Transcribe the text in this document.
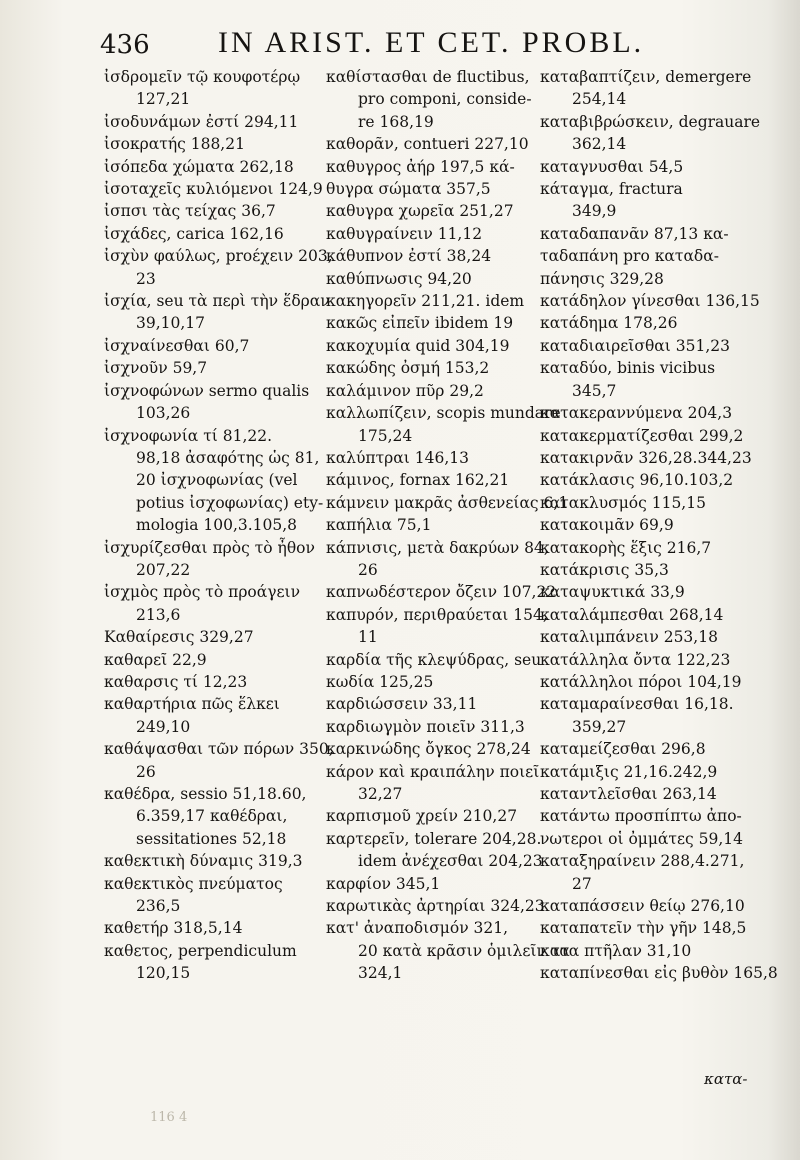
436 IN ARIST. ET CET. PROBL.
ἰσδρομεῖν τῷ κουφοτέρῳ
127,21
ἰσοδυνάμων ἐστί 294,11
ἰσοκρατής 188,21
ἰσόπεδα χώματα 262,18
ἰσοταχεῖς κυλιόμενοι 124,9
ἰσπσι τὰς τείχας 36,7
ἰσχάδες, carica 162,16
ἰσχὺν φαύλως, proέχειν 203,
23
ἰσχία, seu τὰ περὶ τὴν ἕδραν
39,10,17
ἰσχναίνεσθαι 60,7
ἰσχνοῦν 59,7
ἰσχνοφώνων sermo qualis
103,26
ἰσχνοφωνία τί 81,22.
98,18 ἀσαφότης ὡς 81,
20 ἰσχνοφωνίας (vel
potius ἰσχοφωνίας) ety-
mologia 100,3.105,8
ἰσχυρίζεσθαι πρὸς τὸ ἦθον
207,22
ἰσχμὸς πρὸς τὸ προάγειν
213,6
Καθαίρεσις 329,27
καθαρεῖ 22,9
καθαρσις τί 12,23
καθαρτήρια πῶς ἕλκει
249,10
καθάψασθαι τῶν πόρων 350,
26
καθέδρα, sessio 51,18.60,
6.359,17 καθέδραι,
sessitationes 52,18
καθεκτικὴ δύναμις 319,3
καθεκτικὸς πνεύματος
236,5
καθετήρ 318,5,14
καθετος, perpendiculum
120,15
καθίστασθαι de fluctibus,
pro componi, conside-
re 168,19
καθορᾶν, contueri 227,10
καθυγρος ἀήρ 197,5 κά-
θυγρα σώματα 357,5
καθυγρα χωρεῖα 251,27
καθυγραίνειν 11,12
κάθυπνον ἐστί 38,24
καθύπνωσις 94,20
κακηγορεῖν 211,21. idem
κακῶς εἰπεῖν ibidem 19
κακοχυμία quid 304,19
κακώδης ὀσμή 153,2
καλάμινον πῦρ 29,2
καλλωπίζειν, scopis mundare
175,24
καλύπτραι 146,13
κάμινος, fornax 162,21
κάμνειν μακρᾶς ἀσθενείας 6,1
καπήλια 75,1
κάπνισις, μετὰ δακρύων 84,
26
καπνωδέστερον ὄζειν 107,22
καπυρόν, περιθραύεται 154,
11
καρδία τῆς κλεψύδρας, seu
κωδία 125,25
καρδιώσσειν 33,11
καρδιωγμὸν ποιεῖν 311,3
καρκινώδης ὄγκος 278,24
κάρον καὶ κραιπάλην ποιεῖ
32,27
καρπισμοῦ χρείν 210,27
καρτερεῖν, tolerare 204,28.
idem ἀνέχεσθαι 204,23
καρφίον 345,1
καρωτικὰς ἀρτηρίαι 324,23
κατ' ἀναποδισμόν 321,
20 κατὰ κρᾶσιν ὁμιλεῖν τα
324,1
καταβαπτίζειν, demergere
254,14
καταβιβρώσκειν, degrauare
362,14
καταγνυσθαι 54,5
κάταγμα, fractura
349,9
καταδαπανᾶν 87,13 κα-
ταδαπάνη pro καταδα-
πάνησις 329,28
κατάδηλον γίνεσθαι 136,15
κατάδημα 178,26
καταδιαιρεῖσθαι 351,23
καταδύο, binis vicibus
345,7
κατακεραννύμενα 204,3
κατακερματίζεσθαι 299,2
κατακιρνᾶν 326,28.344,23
κατάκλασις 96,10.103,2
κατακλυσμός 115,15
κατακοιμᾶν 69,9
κατακορὴς ἕξις 216,7
κατάκρισις 35,3
καταψυκτικά 33,9
καταλάμπεσθαι 268,14
καταλιμπάνειν 253,18
κατάλληλα ὄντα 122,23
κατάλληλοι πόροι 104,19
καταμαραίνεσθαι 16,18.
359,27
καταμείζεσθαι 296,8
κατάμιξις 21,16.242,9
καταντλεῖσθαι 263,14
κατάντω προσπίπτω ἀπο-
νωτεροι οἱ ὀμμάτες 59,14
καταξηραίνειν 288,4.271,
27
καταπάσσειν θείῳ 276,10
καταπατεῖν τὴν γῆν 148,5
κατα πτῆλαν 31,10
καταπίνεσθαι εἰς βυθὸν 165,8
κατα-
116 4
